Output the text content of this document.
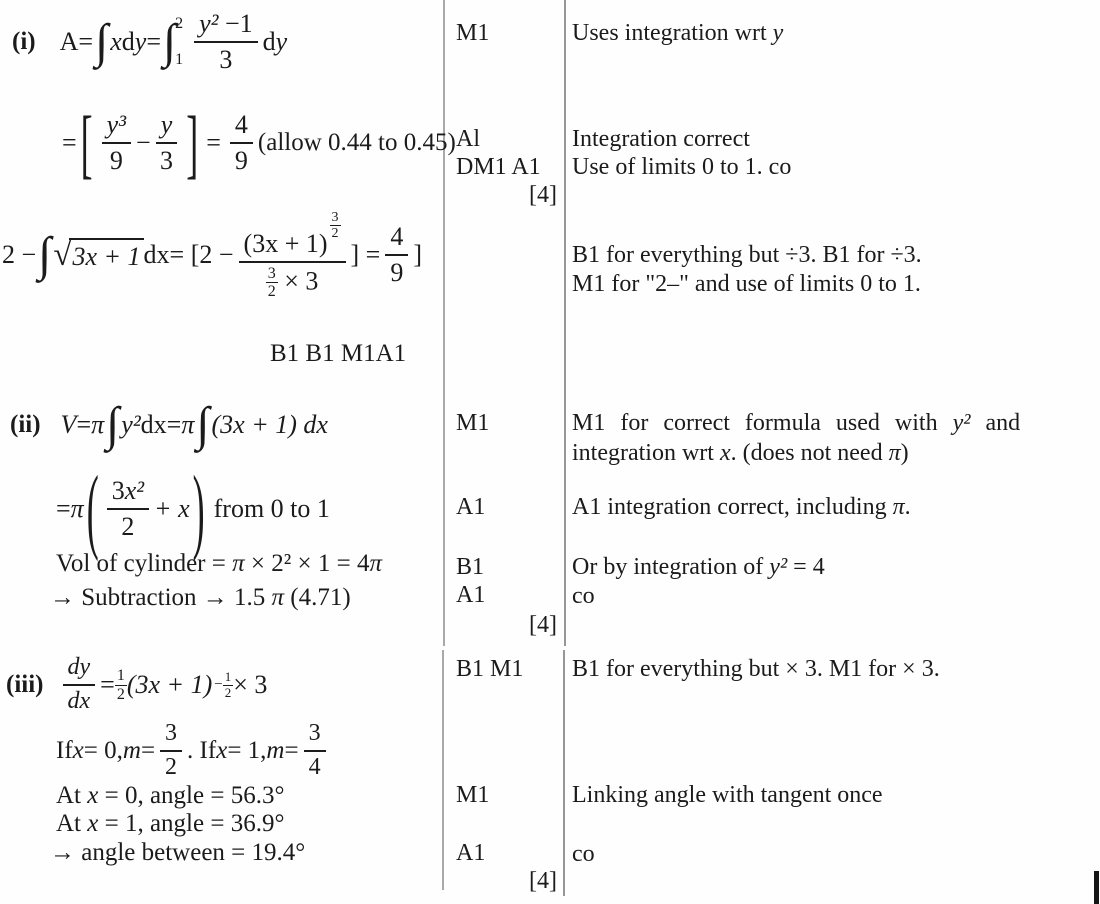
(i) A = ∫ x d y = ∫ 2
$1 \frac{\text{y² −1}}{3}$ d y
= [ $\frac{\text{y³}}{9} - \frac{y}{3}$ ] = $\frac{4}{9}$ (allow 0.44 to 0.45)
2 − ∫ √ 3x + 1 dx = [2 − (3x + 1)
$\frac{3}{2}$
$\frac{3}{2} \times 3$ ] = $\frac{4}{9}$ ]
B1 B1 M1A1
(ii) V = π ∫ y² dx = π ∫ (3x + 1) dx
= π ( $\frac{\text{3x²}}{2} + x$ ) from 0 to 1
Vol of cylinder = π × 2² × 1 = 4π
→ Subtraction → 1.5 π (4.71)
$(iii) \frac{dy}{dx} = \frac{1}{2} (3x + 1) - \frac{1}{2} \times 3$
If x = 0, $m = \frac{3}{2}$ . If x = 1, $m = \frac{3}{4}$
At x = 0, angle = 56.3°
At x = 1, angle = 36.9°
→ angle between = 19.4°
M1
Al
DM1 A1
[4]
M1
A1
B1
A1
[4]
B1 M1
M1
A1
[4]
Uses integration wrt y
Integration correct
Use of limits 0 to 1. co
B1 for everything but ÷3. B1 for ÷3.
M1 for "2–" and use of limits 0 to 1.
M1 for correct formula used with y² and
integration wrt x. (does not need π)
A1 integration correct, including π.
Or by integration of y² = 4
co
B1 for everything but × 3. M1 for × 3.
Linking angle with tangent once
co
